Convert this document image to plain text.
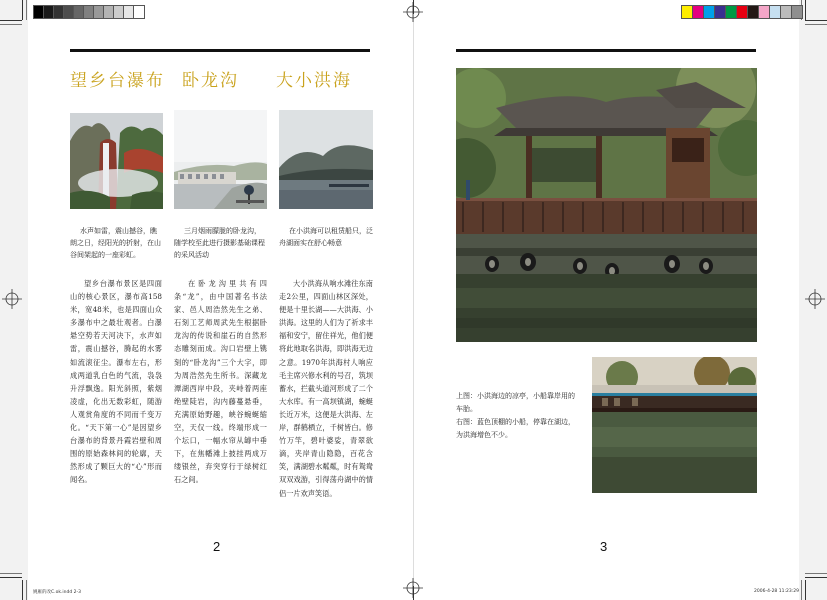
望乡台瀑布	卧龙沟	大小洪海
水声如雷，震山撼谷，瞧朗之日，经阳光的折射，在山谷间架起的一座彩虹。
三月烟雨朦胧的卧龙沟，随学校至此进行摄影基础课程的采风活动
在小洪海可以租赁船只，泛舟湖面实在舒心畅意
望乡台瀑布景区是四面山的核心景区，瀑布高158米，宽48米，也是四面山众多瀑布中之最壮观者。白瀑悬空势若天河决下，水声如雷，震山撼谷，腾起的水雾如流滚征尘。瀑布左右，形成两道乳白色的气流，袅袅升浮飘逸。阳光斜照，紫烟凌虚，化出无数彩虹，随游人观赏角度的不同而千变万化。“天下第一心”是因望乡台瀑布的背景丹霞岩壁和周围的原始森林间的轮廓，天然形成了颗巨大的“心”形而闻名。
在卧龙沟里共有四条“龙”，由中国著名书法家、邑人周浩然先生之弟、石刻工艺师周武先生根据卧龙沟的传说和崖石的自然形态雕刻而成。沟口岩壁上镌刻的“卧龙沟”三个大字，即为周浩然先生所书。深藏龙潭湖西岸中段，夹峙着两座绝壁陡岩，沟内藤蔓悬垂，充满原始野趣，峡谷蜿蜒缩空，天仅一线。终端形成一个坛口，一幅水帘从罅中垂下，在焦幡滩上披挂两成万缕银丝，弃突穿行于绿树红石之间。
大小洪海从响水滩往东南走2公里，四面山林区深处，便是十里长湖——大洪海、小洪海。这里的人们为了祈求丰福和安宁，留住祥光，他们便将此地取名洪海，即洪海无边之意。1970年洪海村人响应毛主席兴修水利的号召，筑坝蓄水，拦截头道河形成了二个大水库。有一高坝镇湖，蜿蜒长近万米，这便是大洪海、左岸，群鹤栖立，千树皆白。修竹万竿，碧叶婆娑，青翠欲滴，夹岸青山隐隐，百花含笑，满湖碧水粼粼，时有鸳鸯双双戏游，引得荡舟湖中的情侣一片欢声笑语。
2
上图：小洪海边的凉亭，小船靠岸用的车胎。
右图：蓝色顶棚的小船，停靠在湖边，为洪海增色不少。
3
姚雁的改C.ok.indd 2-3	2006-4-28 11:23:29
